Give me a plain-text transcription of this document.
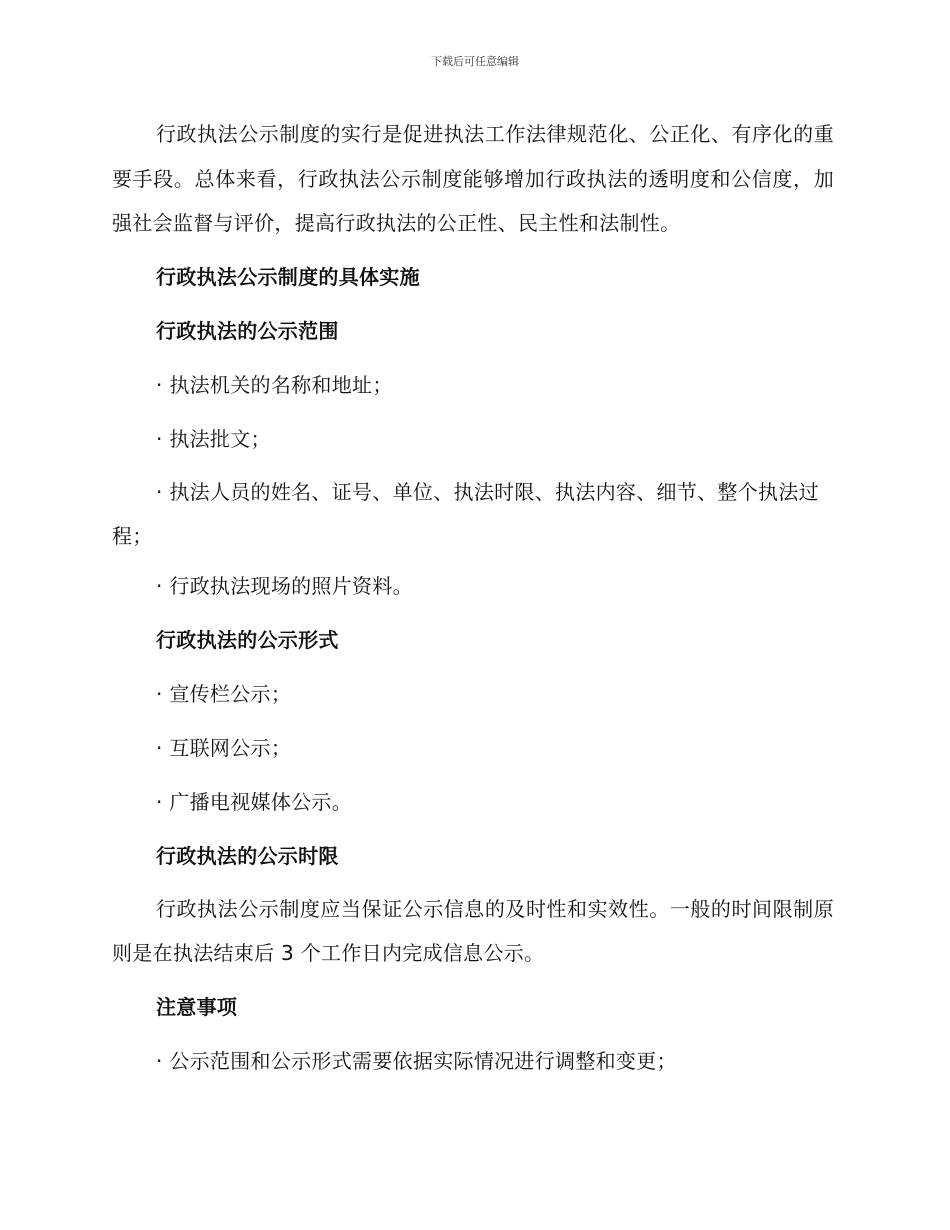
下载后可任意编辑

行政执法公示制度的实行是促进执法工作法律规范化、公正化、有序化的重要手段。总体来看，行政执法公示制度能够增加行政执法的透明度和公信度，加强社会监督与评价，提高行政执法的公正性、民主性和法制性。

行政执法公示制度的具体实施

行政执法的公示范围

· 执法机关的名称和地址；

· 执法批文；

· 执法人员的姓名、证号、单位、执法时限、执法内容、细节、整个执法过程；

· 行政执法现场的照片资料。

行政执法的公示形式

· 宣传栏公示；

· 互联网公示；

· 广播电视媒体公示。

行政执法的公示时限

行政执法公示制度应当保证公示信息的及时性和实效性。一般的时间限制原则是在执法结束后 3 个工作日内完成信息公示。

注意事项

· 公示范围和公示形式需要依据实际情况进行调整和变更；
